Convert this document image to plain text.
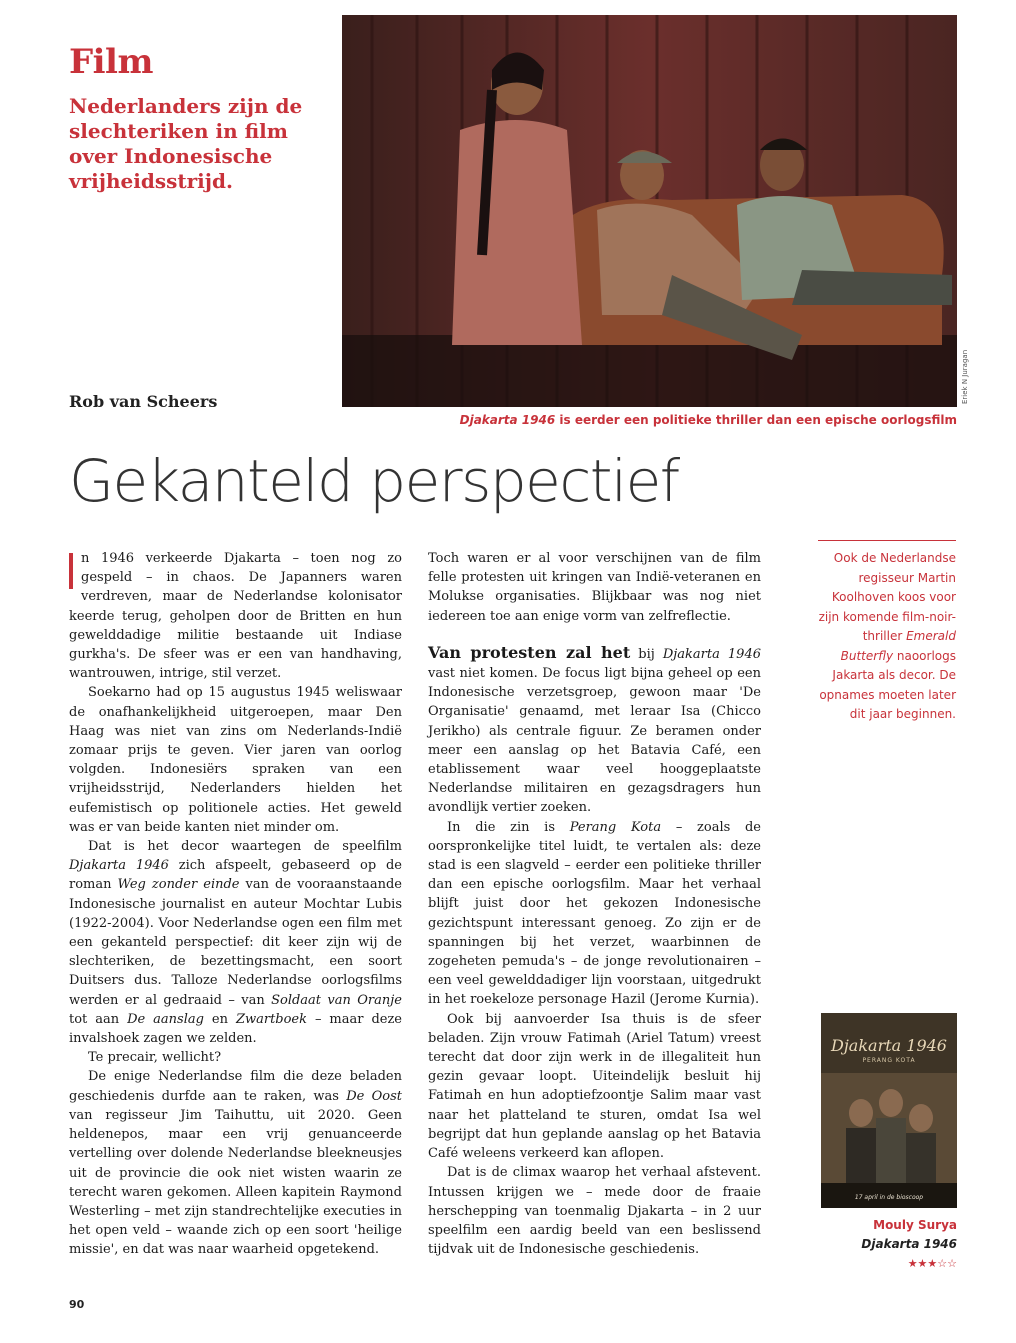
Film

Nederlanders zijn de slechteriken in film over Indonesische vrijheidsstrijd.

Rob van Scheers	Eriek N Juragan
Djakarta 1946 is eerder een politieke thriller dan een epische oorlogsfilm
Gekanteld perspectief

n 1946 verkeerde Djakarta – toen nog zo gespeld – in chaos. De Japanners waren verdreven, maar de Nederlandse kolonisator keerde terug, geholpen door de Britten en hun gewelddadige militie bestaande uit Indiase gurkha's. De sfeer was er een van handhaving, wantrouwen, intrige, stil verzet.

Soekarno had op 15 augustus 1945 weliswaar de onafhankelijkheid uitgeroepen, maar Den Haag was niet van zins om Nederlands-Indië zomaar prijs te geven. Vier jaren van oorlog volgden. Indonesiërs spraken van een vrijheidsstrijd, Nederlanders hielden het eufemistisch op politionele acties. Het geweld was er van beide kanten niet minder om.

Dat is het decor waartegen de speelfilm Djakarta 1946 zich afspeelt, gebaseerd op de roman Weg zonder einde van de vooraanstaande Indonesische journalist en auteur Mochtar Lubis (1922-2004). Voor Nederlandse ogen een film met een gekanteld perspectief: dit keer zijn wij de slechteriken, de bezettingsmacht, een soort Duitsers dus. Talloze Nederlandse oorlogsfilms werden er al gedraaid – van Soldaat van Oranje tot aan De aanslag en Zwartboek – maar deze invalshoek zagen we zelden.

Te precair, wellicht?

De enige Nederlandse film die deze beladen geschiedenis durfde aan te raken, was De Oost van regisseur Jim Taihuttu, uit 2020. Geen heldenepos, maar een vrij genuanceerde vertelling over dolende Nederlandse bleekneusjes uit de provincie die ook niet wisten waarin ze terecht waren gekomen. Alleen kapitein Raymond Westerling – met zijn standrechtelijke executies in het open veld – waande zich op een soort 'heilige missie', en dat was naar waarheid opgetekend.

Toch waren er al voor verschijnen van de film felle protesten uit kringen van Indië-veteranen en Molukse organisaties. Blijkbaar was nog niet iedereen toe aan enige vorm van zelfreflectie.

Van protesten zal het bij Djakarta 1946 vast niet komen. De focus ligt bijna geheel op een Indonesische verzetsgroep, gewoon maar 'De Organisatie' genaamd, met leraar Isa (Chicco Jerikho) als centrale figuur. Ze beramen onder meer een aanslag op het Batavia Café, een etablissement waar veel hooggeplaatste Nederlandse militairen en gezagsdragers hun avondlijk vertier zoeken.

In die zin is Perang Kota – zoals de oorspronkelijke titel luidt, te vertalen als: deze stad is een slagveld – eerder een politieke thriller dan een epische oorlogsfilm. Maar het verhaal blijft juist door het gekozen Indonesische gezichtspunt interessant genoeg. Zo zijn er de spanningen bij het verzet, waarbinnen de zogeheten pemuda's – de jonge revolutionairen – een veel gewelddadiger lijn voorstaan, uitgedrukt in het roekeloze personage Hazil (Jerome Kurnia).

Ook bij aanvoerder Isa thuis is de sfeer beladen. Zijn vrouw Fatimah (Ariel Tatum) vreest terecht dat door zijn werk in de illegaliteit hun gezin gevaar loopt. Uiteindelijk besluit hij Fatimah en hun adoptiefzoontje Salim maar vast naar het platteland te sturen, omdat Isa wel begrijpt dat hun geplande aanslag op het Batavia Café weleens verkeerd kan aflopen.

Dat is de climax waarop het verhaal afstevent. Intussen krijgen we – mede door de fraaie herschepping van toenmalig Djakarta – in 2 uur speelfilm een aardig beeld van een beslissend tijdvak uit de Indonesische geschiedenis.

Ook de Nederlandse regisseur Martin Koolhoven koos voor zijn komende film-noir-thriller Emerald Butterfly naoorlogs Jakarta als decor. De opnames moeten later dit jaar beginnen.
Djakarta 1946
PERANG KOTA
17 april in de bioscoop
Mouly Surya
Djakarta 1946
★★★☆☆
90
